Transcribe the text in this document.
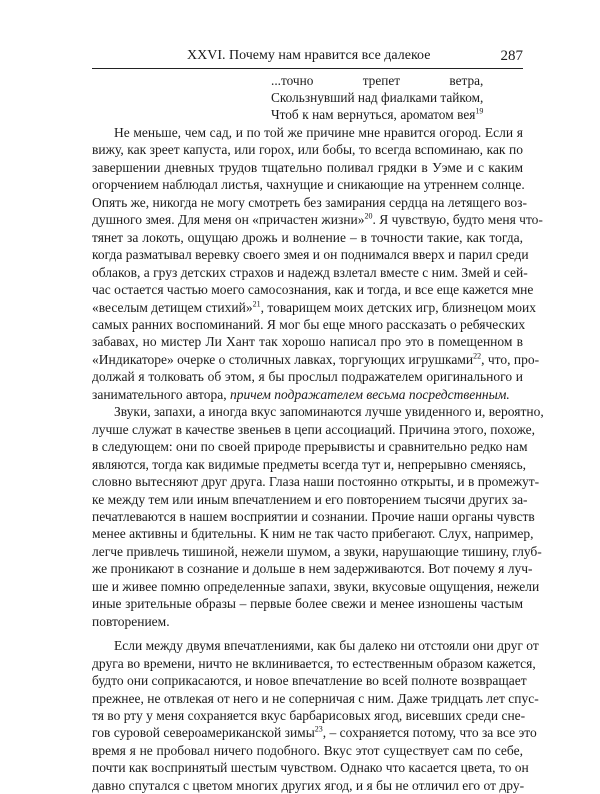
XXVI. Почему нам нравится все далекое	287
...точно трепет ветра,
Скользнувший над фиалками тайком,
Чтоб к нам вернуться, ароматом вея$^{19}$
Не меньше, чем сад, и по той же причине мне нравится огород. Если я
вижу, как зреет капуста, или горох, или бобы, то всегда вспоминаю, как по
завершении дневных трудов тщательно поливал грядки в Уэме и с каким
огорчением наблюдал листья, чахнущие и сникающие на утреннем солнце.
Опять же, никогда не могу смотреть без замирания сердца на летящего воз-
душного змея. Для меня он «причастен жизни»$^{20}$. Я чувствую, будто меня что-
тянет за локоть, ощущаю дрожь и волнение – в точности такие, как тогда,
когда разматывал веревку своего змея и он поднимался вверх и парил среди
облаков, а груз детских страхов и надежд взлетал вместе с ним. Змей и сей-
час остается частью моего самосознания, как и тогда, и все еще кажется мне
«веселым детищем стихий»$^{21}$, товарищем моих детских игр, близнецом моих
самых ранних воспоминаний. Я мог бы еще много рассказать о ребяческих
забавах, но мистер Ли Хант так хорошо написал про это в помещенном в
«Индикаторе» очерке о столичных лавках, торгующих игрушками$^{22}$, что, про-
должай я толковать об этом, я бы прослыл подражателем оригинального и
занимательного автора, причем подражателем весьма посредственным.
Звуки, запахи, а иногда вкус запоминаются лучше увиденного и, вероятно,
лучше служат в качестве звеньев в цепи ассоциаций. Причина этого, похоже,
в следующем: они по своей природе прерывисты и сравнительно редко нам
являются, тогда как видимые предметы всегда тут и, непрерывно сменяясь,
словно вытесняют друг друга. Глаза наши постоянно открыты, и в промежут-
ке между тем или иным впечатлением и его повторением тысячи других за-
печатлеваются в нашем восприятии и сознании. Прочие наши органы чувств
менее активны и бдительны. К ним не так часто прибегают. Слух, например,
легче привлечь тишиной, нежели шумом, а звуки, нарушающие тишину, глуб-
же проникают в сознание и дольше в нем задерживаются. Вот почему я луч-
ше и живее помню определенные запахи, звуки, вкусовые ощущения, нежели
иные зрительные образы – первые более свежи и менее изношены частым
повторением.
Если между двумя впечатлениями, как бы далеко ни отстояли они друг от
друга во времени, ничто не вклинивается, то естественным образом кажется,
будто они соприкасаются, и новое впечатление во всей полноте возвращает
прежнее, не отвлекая от него и не соперничая с ним. Даже тридцать лет спус-
тя во рту у меня сохраняется вкус барбарисовых ягод, висевших среди сне-
гов суровой североамериканской зимы$^{23}$, – сохраняется потому, что за все это
время я не пробовал ничего подобного. Вкус этот существует сам по себе,
почти как воспринятый шестым чувством. Однако что касается цвета, то он
давно спутался с цветом многих других ягод, и я бы не отличил его от дру-
